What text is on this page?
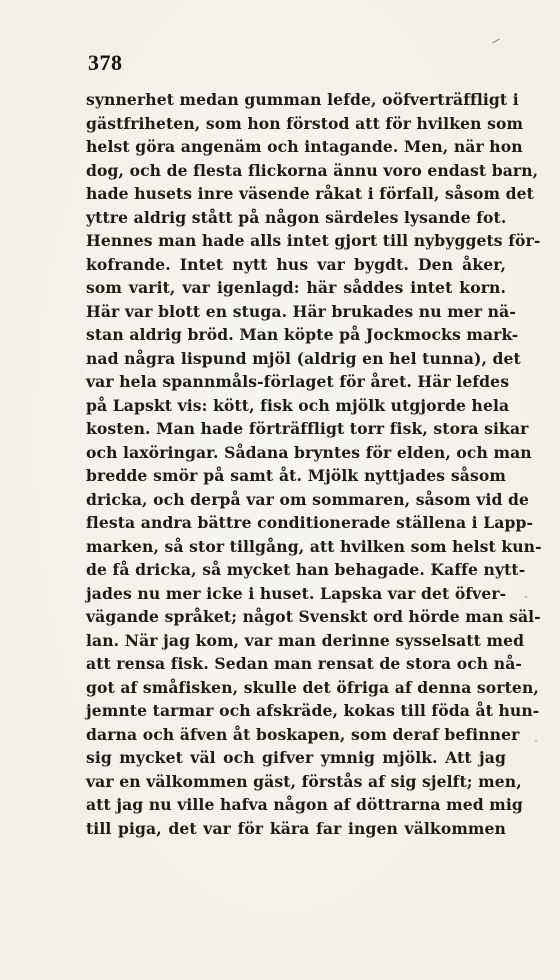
378
synnerhet medan gumman lefde, oöfverträffligt i
gästfriheten, som hon förstod att för hvilken som
helst göra angenäm och intagande. Men, när hon
dog, och de flesta flickorna ännu voro endast barn,
hade husets inre väsende råkat i förfall, såsom det
yttre aldrig stått på någon särdeles lysande fot.
Hennes man hade alls intet gjort till nybyggets för-
kofrande. Intet nytt hus var bygdt. Den åker,
som varit, var igenlagd: här såddes intet korn.
Här var blott en stuga. Här brukades nu mer nä-
stan aldrig bröd. Man köpte på Jockmocks mark-
nad några lispund mjöl (aldrig en hel tunna), det
var hela spannmåls-förlaget för året. Här lefdes
på Lapskt vis: kött, fisk och mjölk utgjorde hela
kosten. Man hade förträffligt torr fisk, stora sikar
och laxöringar. Sådana bryntes för elden, och man
bredde smör på samt åt. Mjölk nyttjades såsom
dricka, och derpå var om sommaren, såsom vid de
flesta andra bättre conditionerade ställena i Lapp-
marken, så stor tillgång, att hvilken som helst kun-
de få dricka, så mycket han behagade. Kaffe nytt-
jades nu mer icke i huset. Lapska var det öfver-
vägande språket; något Svenskt ord hörde man säl-
lan. När jag kom, var man derinne sysselsatt med
att rensa fisk. Sedan man rensat de stora och nå-
got af småfisken, skulle det öfriga af denna sorten,
jemnte tarmar och afskräde, kokas till föda åt hun-
darna och äfven åt boskapen, som deraf befinner
sig mycket väl och gifver ymnig mjölk. Att jag
var en välkommen gäst, förstås af sig sjelft; men,
att jag nu ville hafva någon af döttrarna med mig
till piga, det var för kära far ingen välkommen
